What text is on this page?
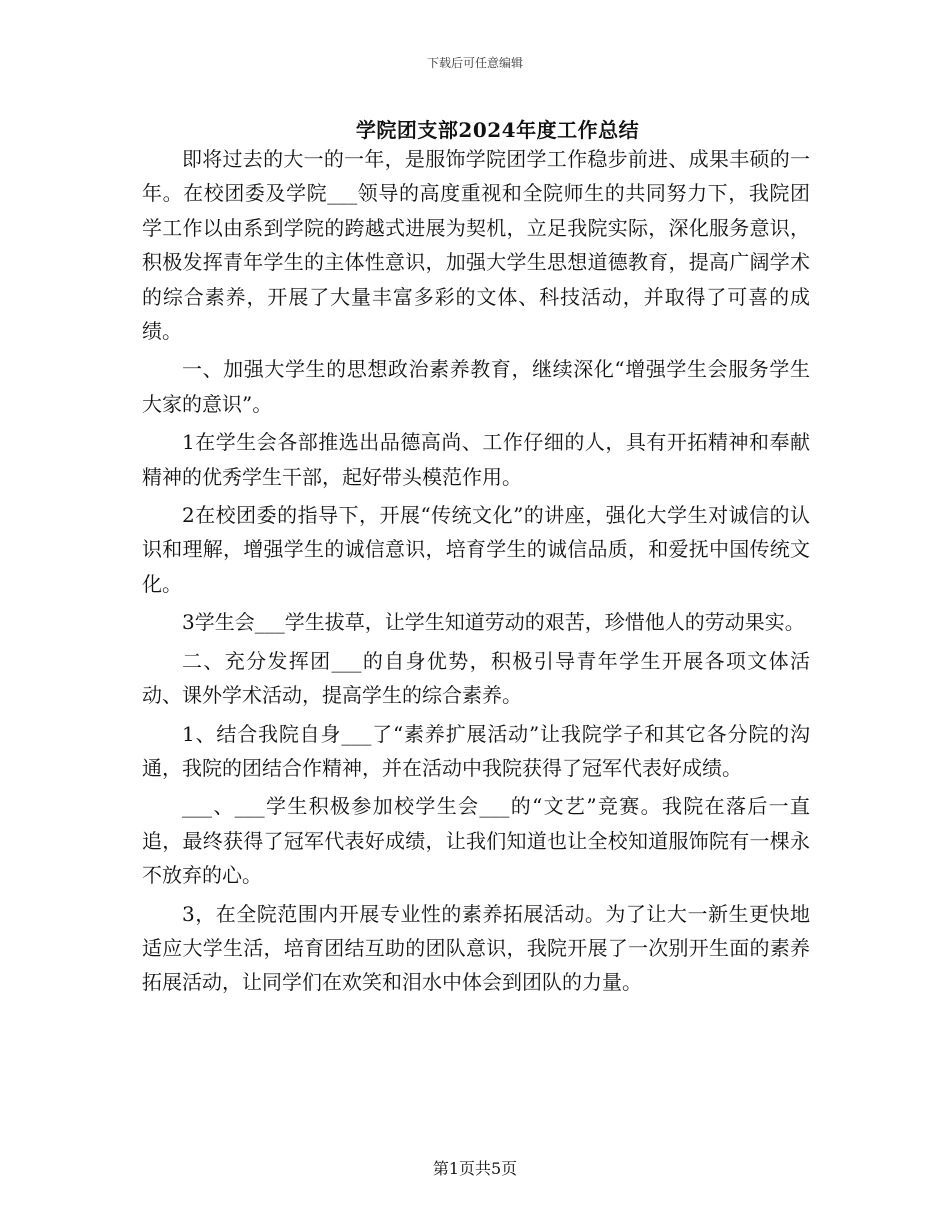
下载后可任意编辑
学院团支部2024年度工作总结

即将过去的大一的一年，是服饰学院团学工作稳步前进、成果丰硕的一年。在校团委及学院___领导的高度重视和全院师生的共同努力下，我院团学工作以由系到学院的跨越式进展为契机，立足我院实际，深化服务意识，积极发挥青年学生的主体性意识，加强大学生思想道德教育，提高广阔学术的综合素养，开展了大量丰富多彩的文体、科技活动，并取得了可喜的成绩。

一、加强大学生的思想政治素养教育，继续深化“增强学生会服务学生大家的意识”。

1在学生会各部推选出品德高尚、工作仔细的人，具有开拓精神和奉献精神的优秀学生干部，起好带头模范作用。

2在校团委的指导下，开展“传统文化”的讲座，强化大学生对诚信的认识和理解，增强学生的诚信意识，培育学生的诚信品质，和爱抚中国传统文化。

3学生会___学生拔草，让学生知道劳动的艰苦，珍惜他人的劳动果实。

二、充分发挥团___的自身优势，积极引导青年学生开展各项文体活动、课外学术活动，提高学生的综合素养。

1、结合我院自身___了“素养扩展活动”让我院学子和其它各分院的沟通，我院的团结合作精神，并在活动中我院获得了冠军代表好成绩。

___、___学生积极参加校学生会___的“文艺”竞赛。我院在落后一直追，最终获得了冠军代表好成绩，让我们知道也让全校知道服饰院有一棵永不放弃的心。

3，在全院范围内开展专业性的素养拓展活动。为了让大一新生更快地适应大学生活，培育团结互助的团队意识，我院开展了一次别开生面的素养拓展活动，让同学们在欢笑和泪水中体会到团队的力量。

第1页共5页
